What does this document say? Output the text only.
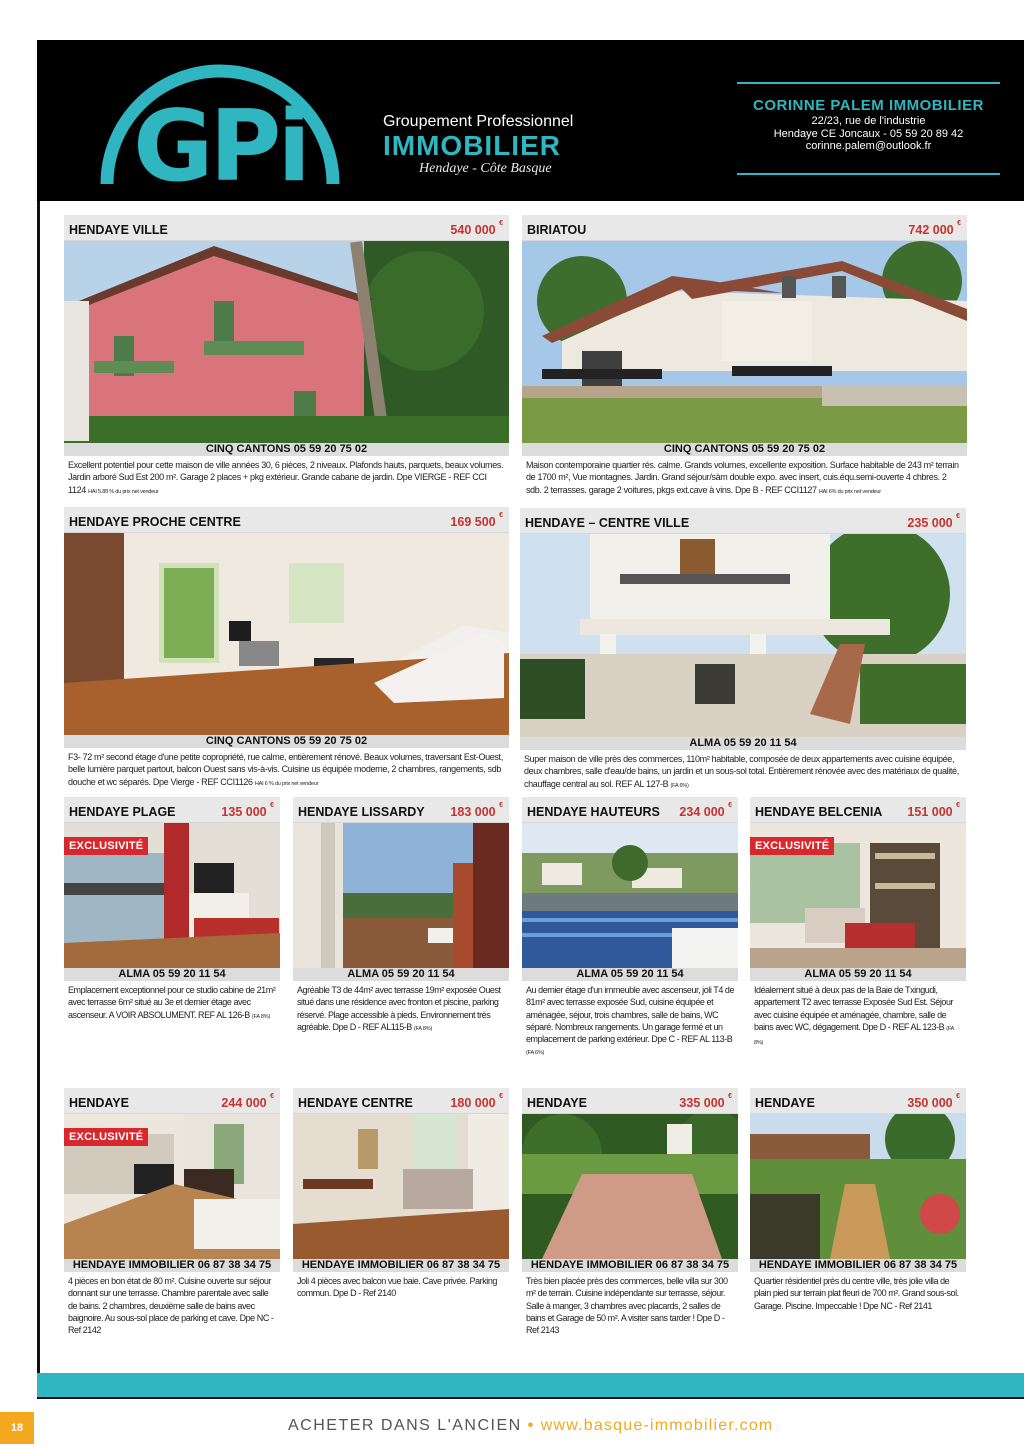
GPi	Groupement Professionnel
IMMOBILIER
Hendaye - Côte Basque
CORINNE PALEM IMMOBILIER
22/23, rue de l'industrie
Hendaye CE Joncaux - 05 59 20 89 42
corinne.palem@outlook.fr
HENDAYE VILLE	540 000 €
CINQ CANTONS 05 59 20 75 02
Excellent potentiel pour cette maison de ville années 30, 6 pièces, 2 niveaux. Plafonds hauts, parquets, beaux volumes. Jardin arboré Sud Est 200 m². Garage 2 places + pkg extérieur. Grande cabane de jardin. Dpe VIERGE - REF CCI 1124 HAI 5.88 % du prix net vendeur
BIRIATOU	742 000 €
CINQ CANTONS 05 59 20 75 02
Maison contemporaine quartier rés. calme. Grands volumes, excellente exposition. Surface habitable de 243 m² terrain de 1700 m², Vue montagnes. Jardin. Grand séjour/sàm double expo. avec insert, cuis.équ.semi-ouverte 4 chbres. 2 sdb. 2 terrasses. garage 2 voitures, pkgs ext.cave à vins. Dpe B - REF CCI1127 HAI 6% du prix net vendeur
HENDAYE PROCHE CENTRE	169 500 €
CINQ CANTONS 05 59 20 75 02
F3- 72 m² second étage d'une petite copropriété, rue calme, entièrement rénové. Beaux volumes, traversant Est-Ouest, belle lumière parquet partout, balcon Ouest sans vis-à-vis. Cuisine us équipée moderne, 2 chambres, rangements, sdb douche et wc séparés. Dpe Vierge - REF CCI1126 HAI 6 % du prix net vendeur
HENDAYE – CENTRE VILLE	235 000 €
ALMA 05 59 20 11 54
Super maison de ville près des commerces, 110m² habitable, composée de deux appartements avec cuisine équipée, deux chambres, salle d'eau/de bains, un jardin et un sous-sol total. Entièrement rénovée avec des matériaux de qualité, chauffage central au sol. REF AL 127-B (FA 6%)
HENDAYE PLAGE	135 000 €
EXCLUSIVITÉ
ALMA 05 59 20 11 54
Emplacement exceptionnel pour ce studio cabine de 21m² avec terrasse 6m² situé au 3e et dernier étage avec ascenseur. A VOIR ABSOLUMENT. REF AL 126-B (FA 8%)
HENDAYE LISSARDY 183 000 €
ALMA 05 59 20 11 54
Agréable T3 de 44m² avec terrasse 19m² exposée Ouest situé dans une résidence avec fronton et piscine, parking réservé. Plage accessible à pieds. Environnement très agréable. Dpe D - REF AL115-B (FA 8%)
HENDAYE HAUTEURS 234 000 €
ALMA 05 59 20 11 54
Au dernier étage d'un immeuble avec ascenseur, joli T4 de 81m² avec terrasse exposée Sud, cuisine équipée et aménagée, séjour, trois chambres, salle de bains, WC séparé. Nombreux rangements. Un garage fermé et un emplacement de parking extérieur. Dpe C - REF AL 113-B (FA 6%)
HENDAYE BELCENIA 151 000 €
EXCLUSIVITÉ
ALMA 05 59 20 11 54
Idéalement situé à deux pas de la Baie de Txingudi, appartement T2 avec terrasse Exposée Sud Est. Séjour avec cuisine équipée et aménagée, chambre, salle de bains avec WC, dégagement. Dpe D - REF AL 123-B (FA 8%)
HENDAYE	244 000 €
EXCLUSIVITÉ
HENDAYE IMMOBILIER 06 87 38 34 75
4 pièces en bon état de 80 m². Cuisine ouverte sur séjour donnant sur une terrasse. Chambre parentale avec salle de bains. 2 chambres, deuxième salle de bains avec baignoire. Au sous-sol place de parking et cave. Dpe NC - Ref 2142
HENDAYE CENTRE	180 000 €
HENDAYE IMMOBILIER 06 87 38 34 75
Joli 4 pièces avec balcon vue baie. Cave privée. Parking commun. Dpe D - Ref 2140
HENDAYE	335 000 €
HENDAYE IMMOBILIER 06 87 38 34 75
Très bien placée près des commerces, belle villa sur 300 m² de terrain. Cuisine indépendante sur terrasse, séjour. Salle à manger, 3 chambres avec placards, 2 salles de bains et Garage de 50 m². A visiter sans tarder ! Dpe D - Ref 2143
HENDAYE	350 000 €
HENDAYE IMMOBILIER 06 87 38 34 75
Quartier résidentiel près du centre ville, très jolie villa de plain pied sur terrain plat fleuri de 700 m². Grand sous-sol. Garage. Piscine. Impeccable ! Dpe NC - Ref 2141
18	ACHETER DANS L'ANCIEN • www.basque-immobilier.com
